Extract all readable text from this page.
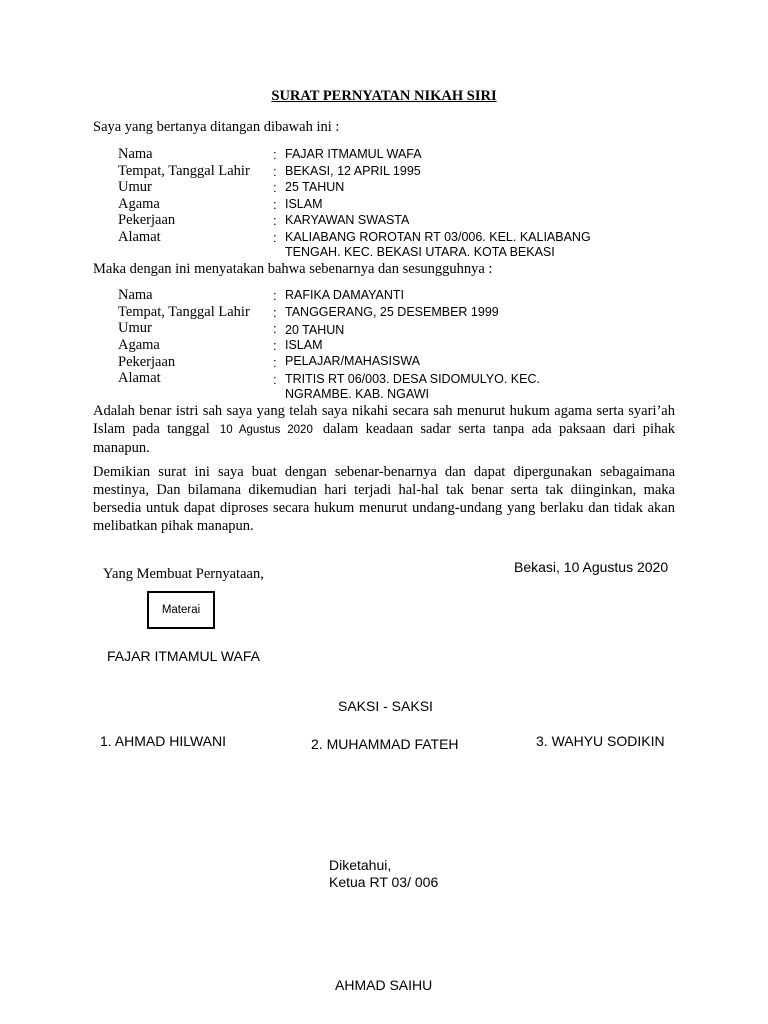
SURAT PERNYATAN NIKAH SIRI
Saya yang bertanya ditangan dibawah ini :
Nama	: FAJAR ITMAMUL WAFA
Tempat, Tanggal Lahir : BEKASI, 12 APRIL 1995
Umur	: 25 TAHUN
Agama	: ISLAM
Pekerjaan	: KARYAWAN SWASTA
Alamat	: KALIABANG ROROTAN RT 03/006. KEL. KALIABANG
TENGAH. KEC. BEKASI UTARA. KOTA BEKASI
Maka dengan ini menyatakan bahwa sebenarnya dan sesungguhnya :
Nama	: RAFIKA DAMAYANTI
Tempat, Tanggal Lahir : TANGGERANG, 25 DESEMBER 1999
Umur	: 20 TAHUN
Agama	: ISLAM
Pekerjaan	: PELAJAR/MAHASISWA
Alamat	: TRITIS RT 06/003. DESA SIDOMULYO. KEC.
NGRAMBE. KAB. NGAWI
Adalah benar istri sah saya yang telah saya nikahi secara sah menurut hukum agama serta syari’ah Islam pada tanggal 10 Agustus 2020 dalam keadaan sadar serta tanpa ada paksaan dari pihak manapun.
Demikian surat ini saya buat dengan sebenar-benarnya dan dapat dipergunakan sebagaimana mestinya, Dan bilamana dikemudian hari terjadi hal-hal tak benar serta tak diinginkan, maka bersedia untuk dapat diproses secara hukum menurut undang-undang yang berlaku dan tidak akan melibatkan pihak manapun.
Bekasi, 10 Agustus 2020
Yang Membuat Pernyataan,
Materai
FAJAR ITMAMUL WAFA
SAKSI - SAKSI
1. AHMAD HILWANI	2. MUHAMMAD FATEH	3. WAHYU SODIKIN
Diketahui,
Ketua RT 03/ 006
AHMAD SAIHU
